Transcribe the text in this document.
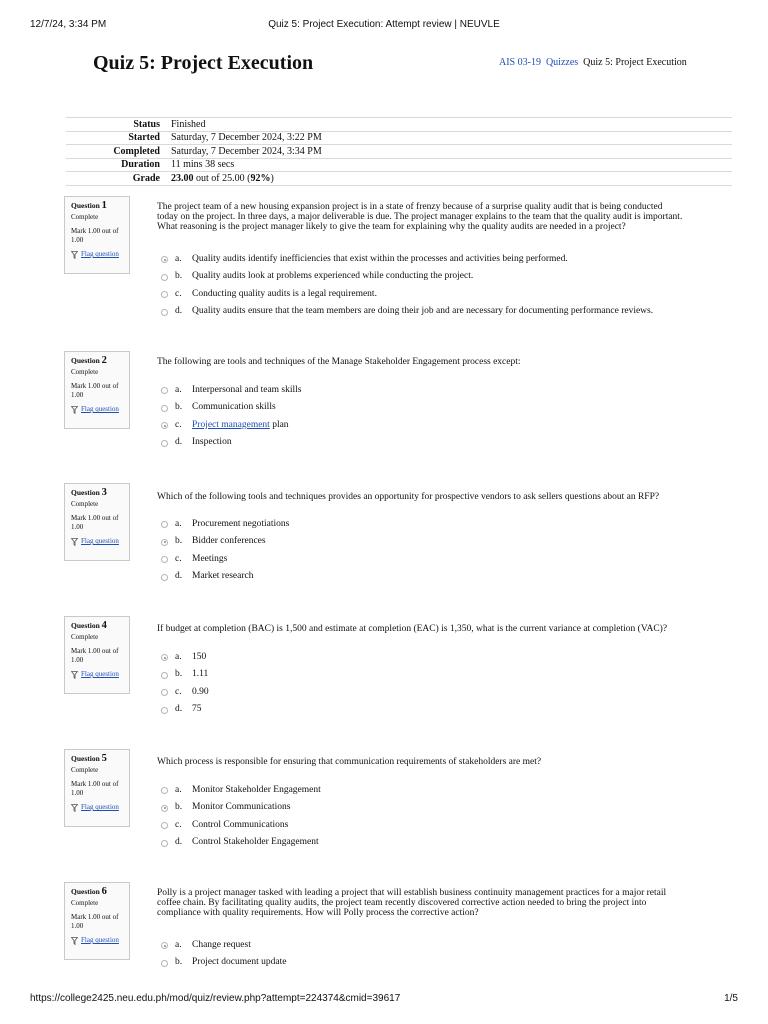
12/7/24, 3:34 PM	Quiz 5: Project Execution: Attempt review | NEUVLE
Quiz 5: Project Execution	AIS 03-19 Quizzes Quiz 5: Project Execution
Status	Finished
Started	Saturday, 7 December 2024, 3:22 PM
Completed	Saturday, 7 December 2024, 3:34 PM
Duration	11 mins 38 secs
Grade	23.00 out of 25.00 (92%)
Question 1
Complete
Mark 1.00 out of 1.00
Flag question

The project team of a new housing expansion project is in a state of frenzy because of a surprise quality audit that is being conducted today on the project. In three days, a major deliverable is due. The project manager explains to the team that the quality audit is important. What reasoning is the project manager likely to give the team for explaining why the quality audits are needed in a project?

a.	Quality audits identify inefficiencies that exist within the processes and activities being performed.
b.	Quality audits look at problems experienced while conducting the project.
c.	Conducting quality audits is a legal requirement.
d.	Quality audits ensure that the team members are doing their job and are necessary for documenting performance reviews.
Question 2
Complete
Mark 1.00 out of 1.00
Flag question

The following are tools and techniques of the Manage Stakeholder Engagement process except:

a.	Interpersonal and team skills
b.	Communication skills
c.	Project management plan
d.	Inspection
Question 3
Complete
Mark 1.00 out of 1.00
Flag question

Which of the following tools and techniques provides an opportunity for prospective vendors to ask sellers questions about an RFP?

a.	Procurement negotiations
b.	Bidder conferences
c.	Meetings
d.	Market research
Question 4
Complete
Mark 1.00 out of 1.00
Flag question

If budget at completion (BAC) is 1,500 and estimate at completion (EAC) is 1,350, what is the current variance at completion (VAC)?

a.	150
b.	1.11
c.	0.90
d.	75
Question 5
Complete
Mark 1.00 out of 1.00
Flag question

Which process is responsible for ensuring that communication requirements of stakeholders are met?

a.	Monitor Stakeholder Engagement
b.	Monitor Communications
c.	Control Communications
d.	Control Stakeholder Engagement
Question 6
Complete
Mark 1.00 out of 1.00
Flag question

Polly is a project manager tasked with leading a project that will establish business continuity management practices for a major retail coffee chain. By facilitating quality audits, the project team recently discovered corrective action needed to bring the project into compliance with quality requirements. How will Polly process the corrective action?

a.	Change request
b.	Project document update
https://college2425.neu.edu.ph/mod/quiz/review.php?attempt=224374&cmid=39617	1/5
